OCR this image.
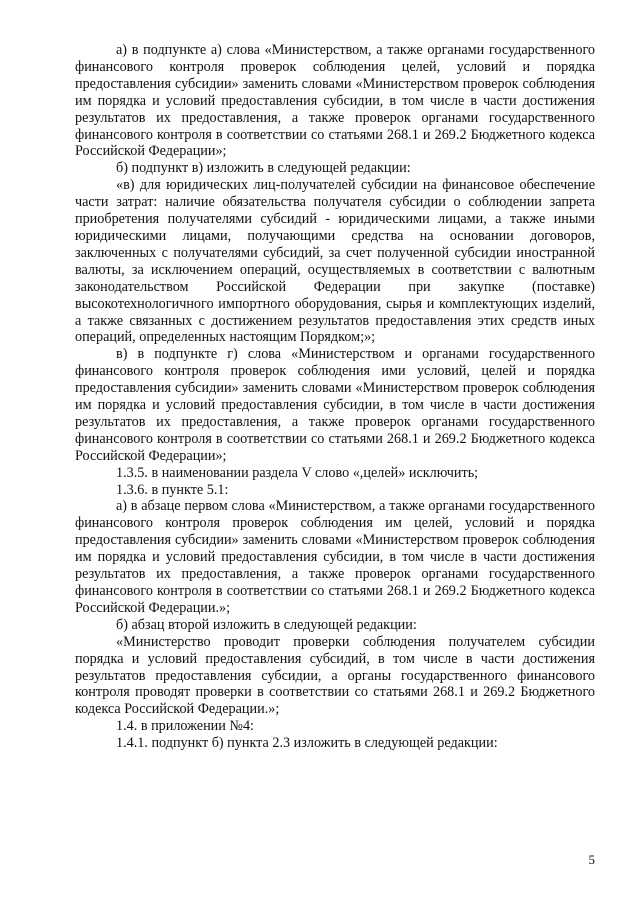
а) в подпункте а) слова «Министерством, а также органами государственного финансового контроля проверок соблюдения целей, условий и порядка предоставления субсидии» заменить словами «Министерством проверок соблюдения им порядка и условий предоставления субсидии, в том числе в части достижения результатов их предоставления, а также проверок органами государственного финансового контроля в соответствии со статьями 268.1 и 269.2 Бюджетного кодекса Российской Федерации»;

б) подпункт в) изложить в следующей редакции:

«в) для юридических лиц-получателей субсидии на финансовое обеспечение части затрат: наличие обязательства получателя субсидии о соблюдении запрета приобретения получателями субсидий - юридическими лицами, а также иными юридическими лицами, получающими средства на основании договоров, заключенных с получателями субсидий, за счет полученной субсидии иностранной валюты, за исключением операций, осуществляемых в соответствии с валютным законодательством Российской Федерации при закупке (поставке) высокотехнологичного импортного оборудования, сырья и комплектующих изделий, а также связанных с достижением результатов предоставления этих средств иных операций, определенных настоящим Порядком;»;

в) в подпункте г) слова «Министерством и органами государственного финансового контроля проверок соблюдения ими условий, целей и порядка предоставления субсидии» заменить словами «Министерством проверок соблюдения им порядка и условий предоставления субсидии, в том числе в части достижения результатов их предоставления, а также проверок органами государственного финансового контроля в соответствии со статьями 268.1 и 269.2 Бюджетного кодекса Российской Федерации»;

1.3.5. в наименовании раздела V слово «,целей» исключить;

1.3.6. в пункте 5.1:

а) в абзаце первом слова «Министерством, а также органами государственного финансового контроля проверок соблюдения им целей, условий и порядка предоставления субсидии» заменить словами «Министерством проверок соблюдения им порядка и условий предоставления субсидии, в том числе в части достижения результатов их предоставления, а также проверок органами государственного финансового контроля в соответствии со статьями 268.1 и 269.2 Бюджетного кодекса Российской Федерации.»;

б) абзац второй изложить в следующей редакции:

«Министерство проводит проверки соблюдения получателем субсидии порядка и условий предоставления субсидий, в том числе в части достижения результатов предоставления субсидии, а органы государственного финансового контроля проводят проверки в соответствии со статьями 268.1 и 269.2 Бюджетного кодекса Российской Федерации.»;

1.4. в приложении №4:

1.4.1. подпункт б) пункта 2.3 изложить в следующей редакции:

5
